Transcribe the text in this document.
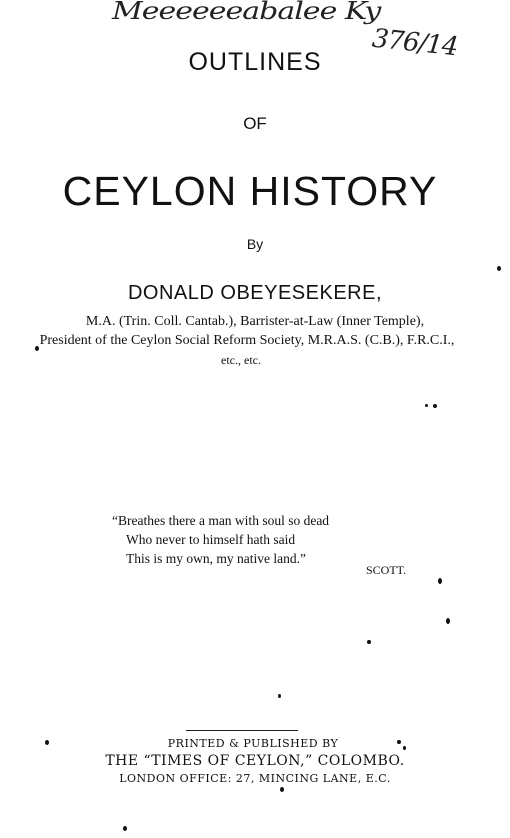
Meeeeeeabalee Ky
376/14
OUTLINES
OF
CEYLON HISTORY
By
DONALD OBEYESEKERE,
M.A. (Trin. Coll. Cantab.), Barrister-at-Law (Inner Temple),
President of the Ceylon Social Reform Society, M.R.A.S. (C.B.), F.R.C.I.,
etc., etc.
“Breathes there a man with soul so dead
Who never to himself hath said
This is my own, my native land.”
SCOTT.
PRINTED & PUBLISHED BY
THE “TIMES OF CEYLON,” COLOMBO.
LONDON OFFICE: 27, MINCING LANE, E.C.
